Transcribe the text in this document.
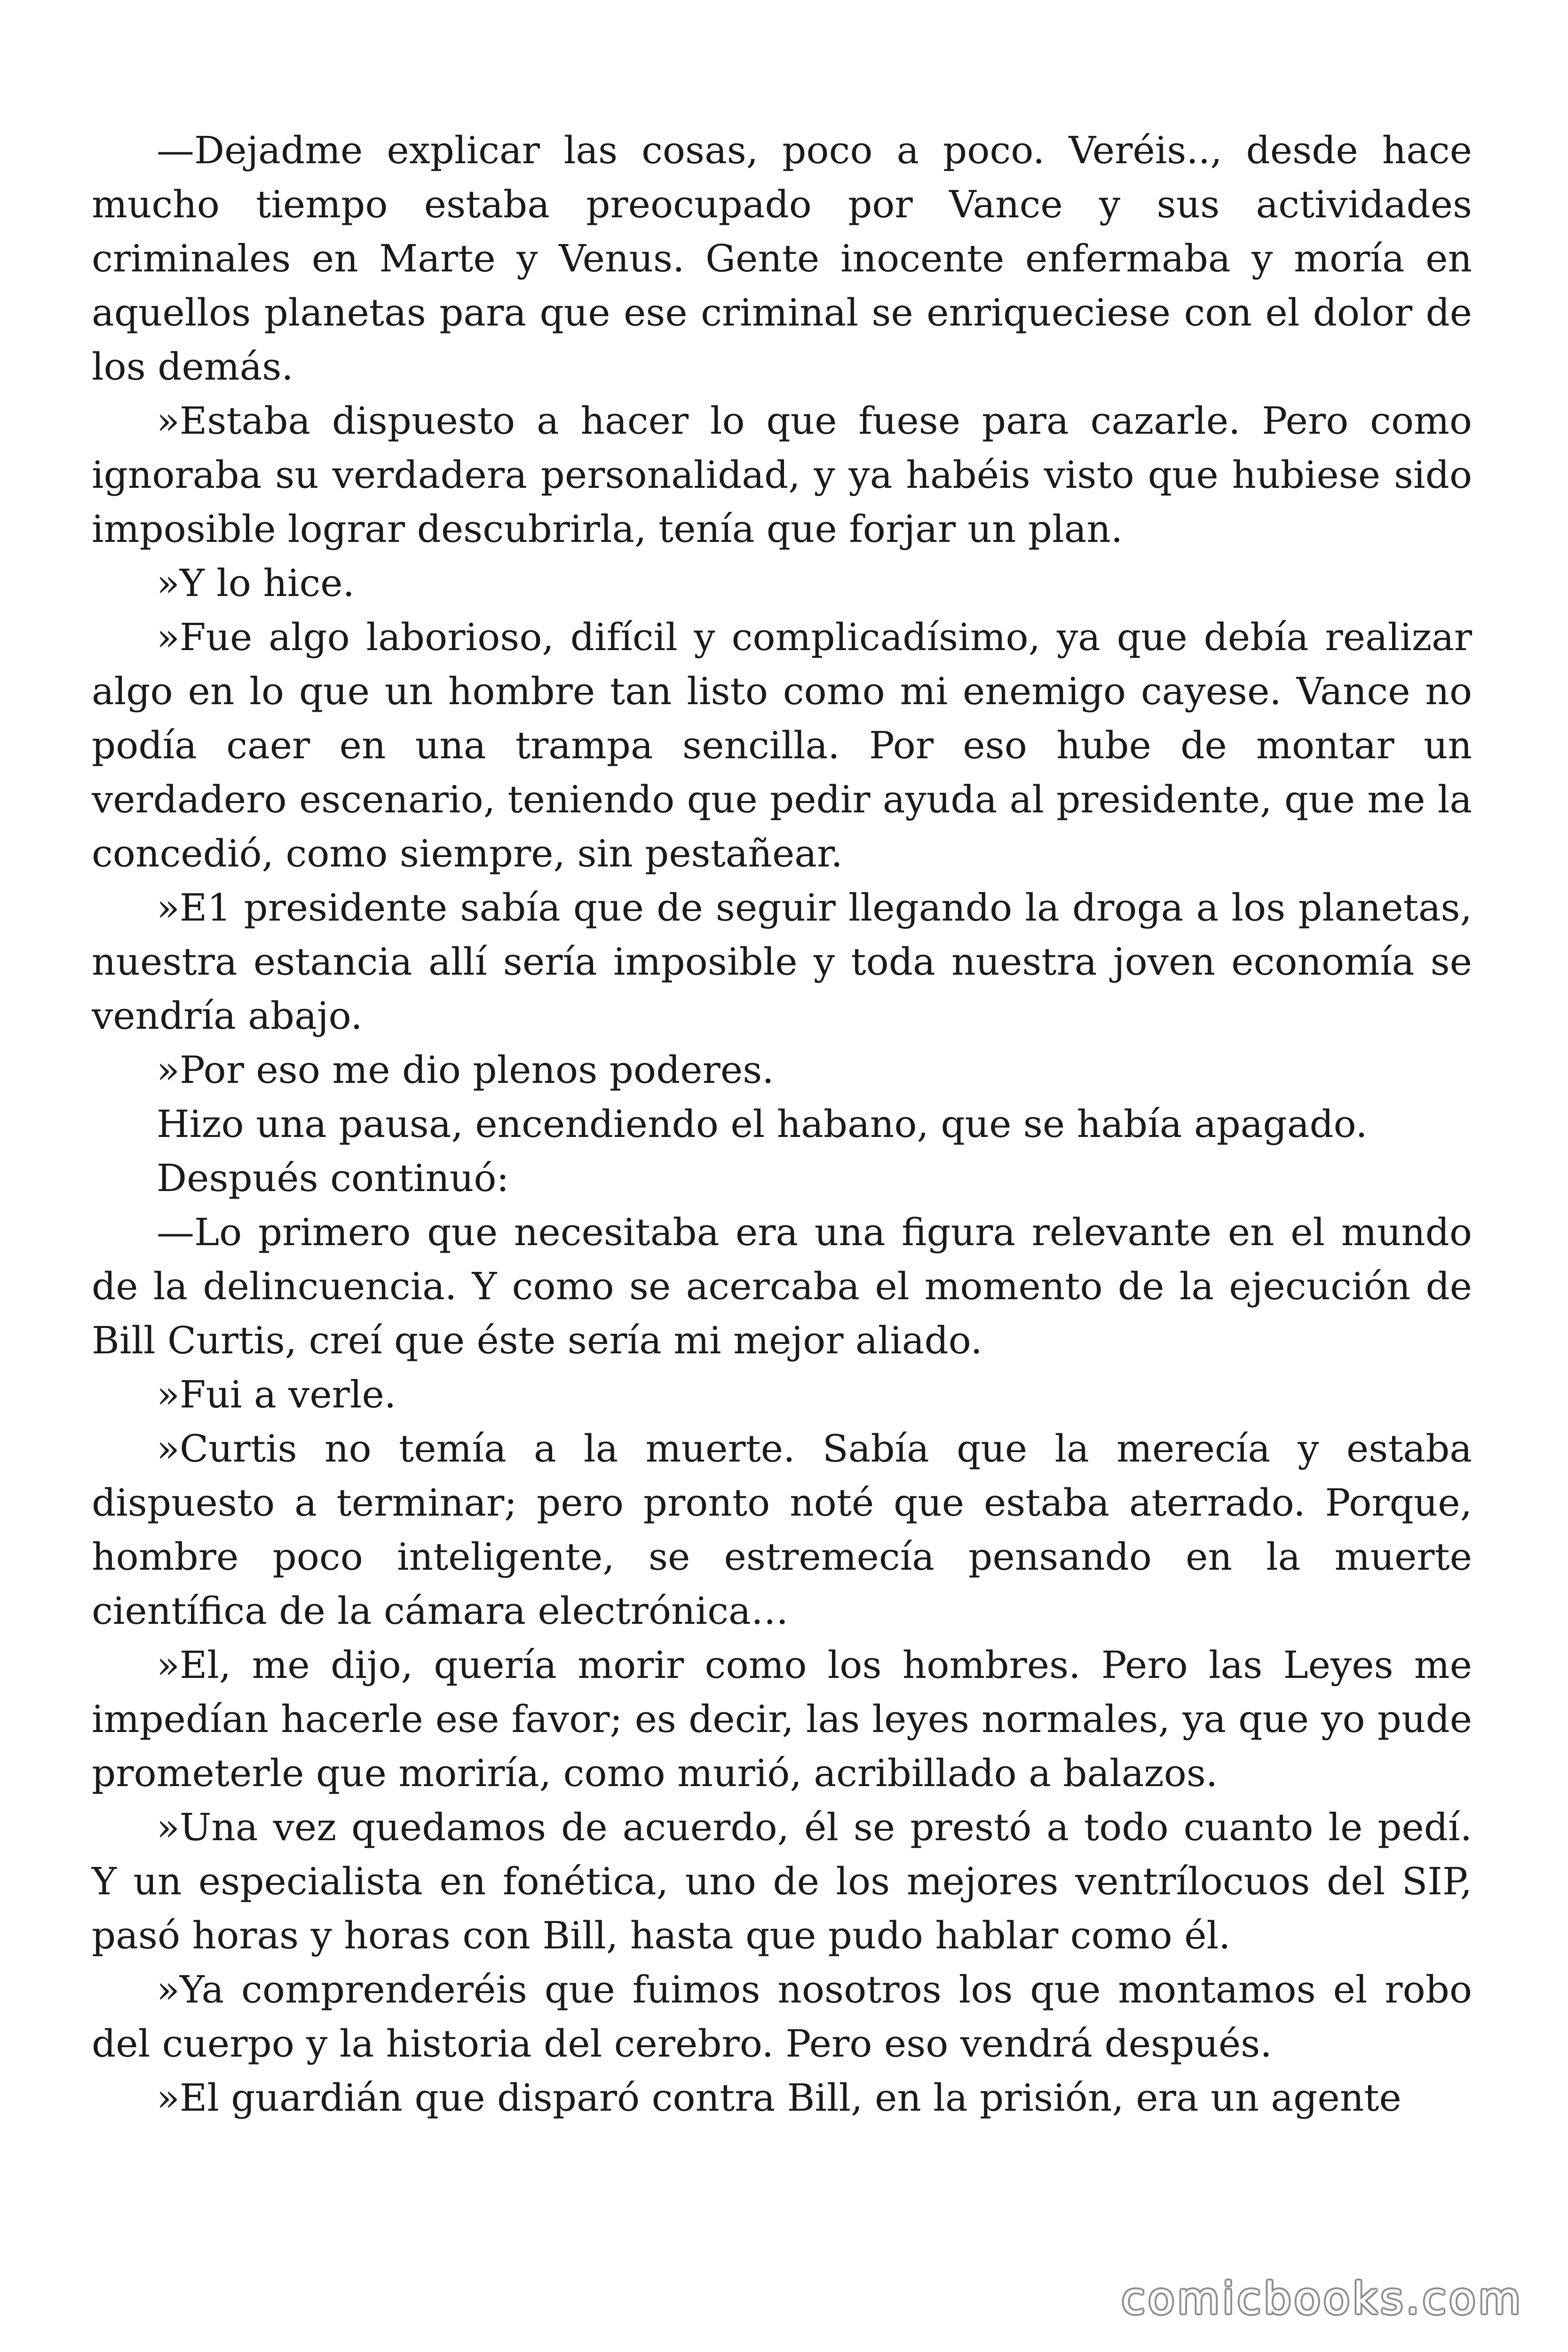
—Dejadme explicar las cosas, poco a poco. Veréis.., desde hace mucho tiempo estaba preocupado por Vance y sus actividades criminales en Marte y Venus. Gente inocente enfermaba y moría en aquellos planetas para que ese criminal se enriqueciese con el dolor de los demás.

»Estaba dispuesto a hacer lo que fuese para cazarle. Pero como ignoraba su verdadera personalidad, y ya habéis visto que hubiese sido imposible lograr descubrirla, tenía que forjar un plan.

»Y lo hice.

»Fue algo laborioso, difícil y complicadísimo, ya que debía realizar algo en lo que un hombre tan listo como mi enemigo cayese. Vance no podía caer en una trampa sencilla. Por eso hube de montar un verdadero escenario, teniendo que pedir ayuda al presidente, que me la concedió, como siempre, sin pestañear.

»E1 presidente sabía que de seguir llegando la droga a los planetas, nuestra estancia allí sería imposible y toda nuestra joven economía se vendría abajo.

»Por eso me dio plenos poderes.

Hizo una pausa, encendiendo el habano, que se había apagado.

Después continuó:

—Lo primero que necesitaba era una figura relevante en el mundo de la delincuencia. Y como se acercaba el momento de la ejecución de Bill Curtis, creí que éste sería mi mejor aliado.

»Fui a verle.

»Curtis no temía a la muerte. Sabía que la merecía y estaba dispuesto a terminar; pero pronto noté que estaba aterrado. Porque, hombre poco inteligente, se estremecía pensando en la muerte científica de la cámara electrónica…

»El, me dijo, quería morir como los hombres. Pero las Leyes me impedían hacerle ese favor; es decir, las leyes normales, ya que yo pude prometerle que moriría, como murió, acribillado a balazos.

»Una vez quedamos de acuerdo, él se prestó a todo cuanto le pedí. Y un especialista en fonética, uno de los mejores ventrílocuos del SIP, pasó horas y horas con Bill, hasta que pudo hablar como él.

»Ya comprenderéis que fuimos nosotros los que montamos el robo del cuerpo y la historia del cerebro. Pero eso vendrá después.

»El guardián que disparó contra Bill, en la prisión, era un agente

comicbooks.com
